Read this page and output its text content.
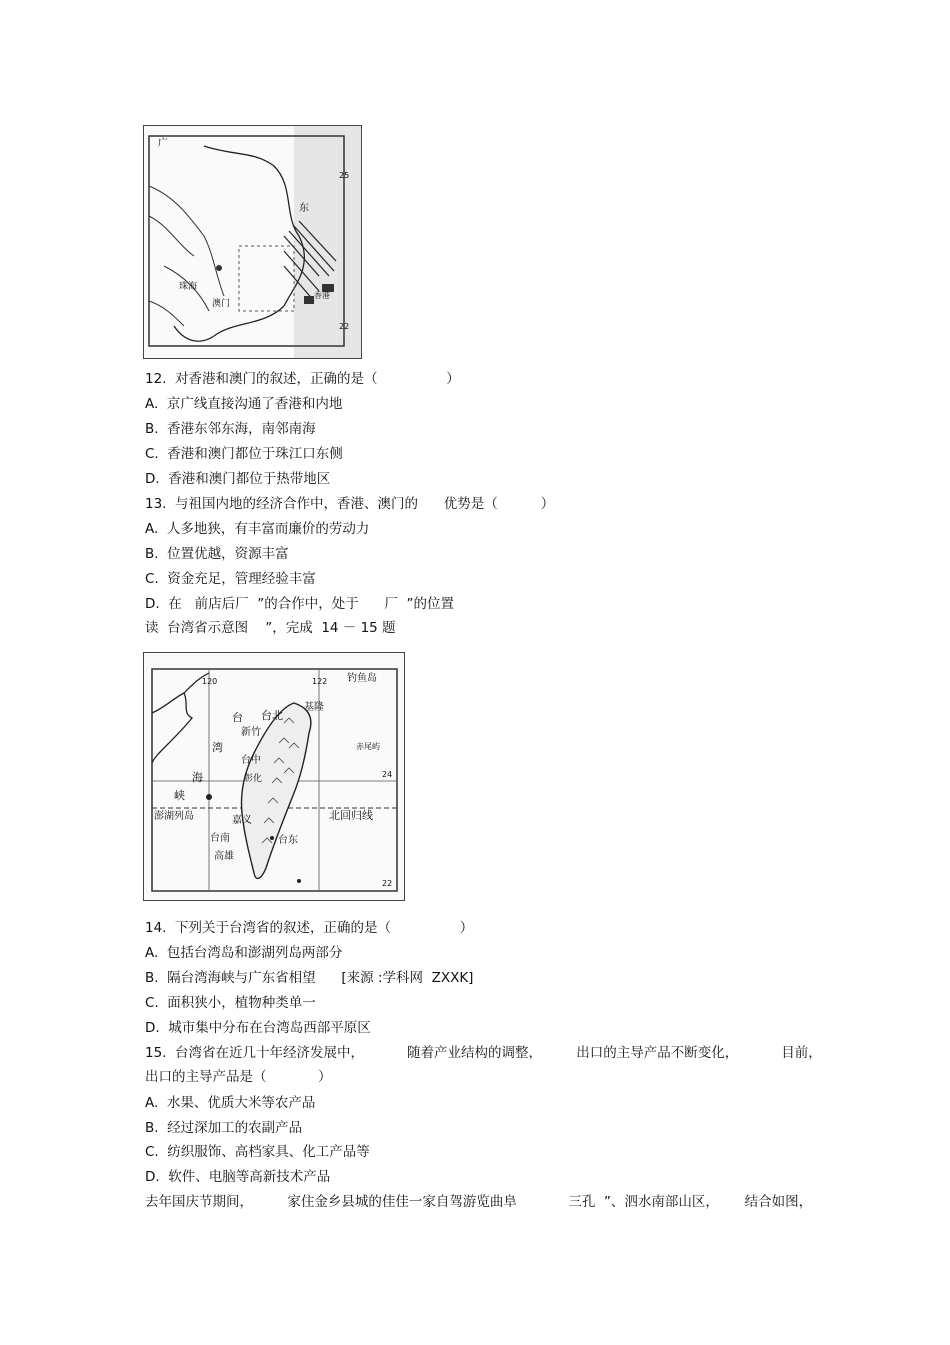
广
东
珠海
澳门
香港
25
22
12.  对香港和澳门的叙述，正确的是（                ）
A.  京广线直接沟通了香港和内地
B.  香港东邻东海，南邻南海
C.  香港和澳门都位于珠江口东侧
D.  香港和澳门都位于热带地区
13.  与祖国内地的经济合作中，香港、澳门的      优势是（          ）
A.  人多地狭，有丰富而廉价的劳动力
B.  位置优越，资源丰富
C.  资金充足，管理经验丰富
D.  在   前店后厂  ”的合作中，处于      厂  ”的位置
读  台湾省示意图    ”，完成  14 － 15 题
120	122
24
22
钓鱼岛
台
湾
海
峡
台北
基隆
新竹
台中
彰化
嘉义
台南
高雄
台东
澎湖列岛	北回归线
赤尾屿
14.  下列关于台湾省的叙述，正确的是（                ）
A.  包括台湾岛和澎湖列岛两部分
B.  隔台湾海峡与广东省相望      [来源 :学科网  ZXXK]
C.  面积狭小，植物种类单一
D.  城市集中分布在台湾岛西部平原区
15.  台湾省在近几十年经济发展中，          随着产业结构的调整，        出口的主导产品不断变化，          目前，
出口的主导产品是（            ）
A.  水果、优质大米等农产品
B.  经过深加工的农副产品
C.  纺织服饰、高档家具、化工产品等
D.  软件、电脑等高新技术产品
去年国庆节期间，        家住金乡县城的佳佳一家自驾游览曲阜            三孔  ”、泗水南部山区，      结合如图，
